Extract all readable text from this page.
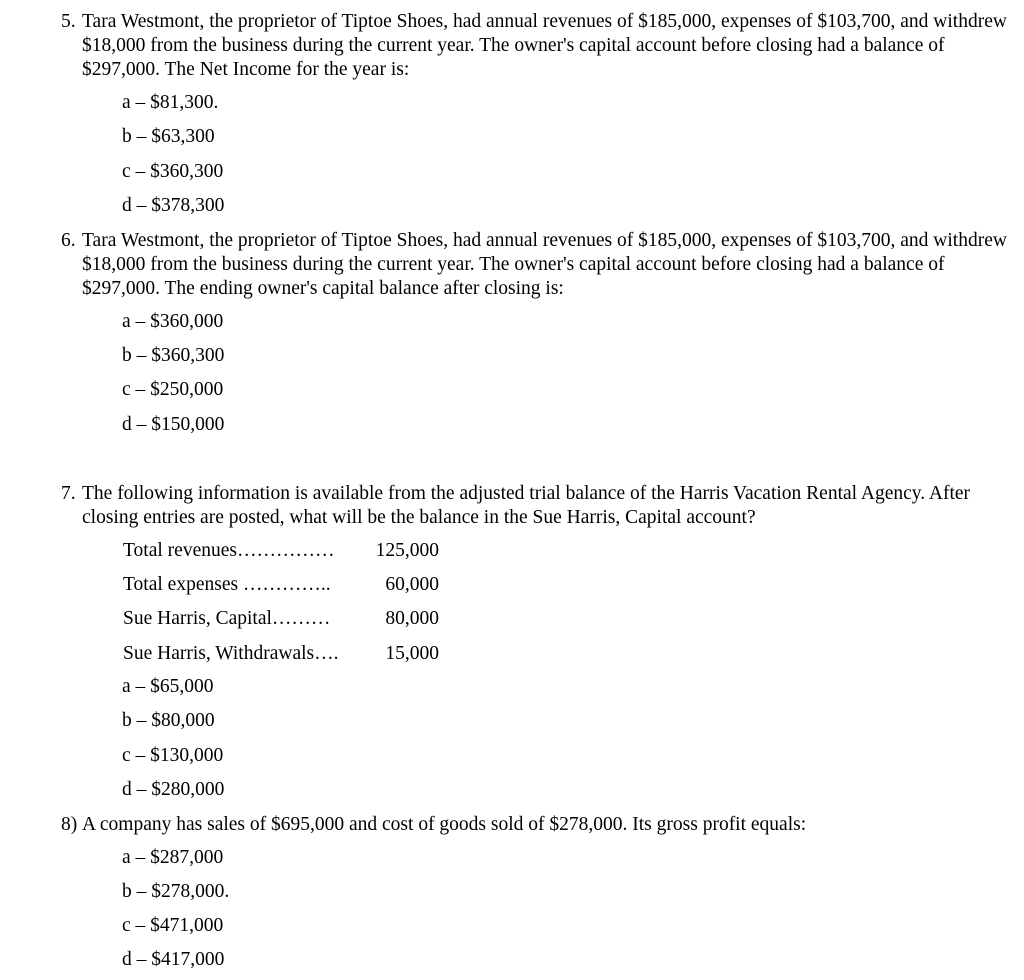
5. Tara Westmont, the proprietor of Tiptoe Shoes, had annual revenues of $185,000, expenses of $103,700, and withdrew $18,000 from the business during the current year. The owner's capital account before closing had a balance of $297,000. The Net Income for the year is:
a – $81,300.
b – $63,300
c – $360,300
d – $378,300
6. Tara Westmont, the proprietor of Tiptoe Shoes, had annual revenues of $185,000, expenses of $103,700, and withdrew $18,000 from the business during the current year. The owner's capital account before closing had a balance of $297,000. The ending owner's capital balance after closing is:
a – $360,000
b – $360,300
c – $250,000
d – $150,000
7. The following information is available from the adjusted trial balance of the Harris Vacation Rental Agency. After closing entries are posted, what will be the balance in the Sue Harris, Capital account?
Total revenues…………… 125,000
Total expenses …………..	60,000
Sue Harris, Capital………	80,000
Sue Harris, Withdrawals…. 15,000
a – $65,000
b – $80,000
c – $130,000
d – $280,000
8) A company has sales of $695,000 and cost of goods sold of $278,000. Its gross profit equals:
a – $287,000
b – $278,000.
c – $471,000
d – $417,000
